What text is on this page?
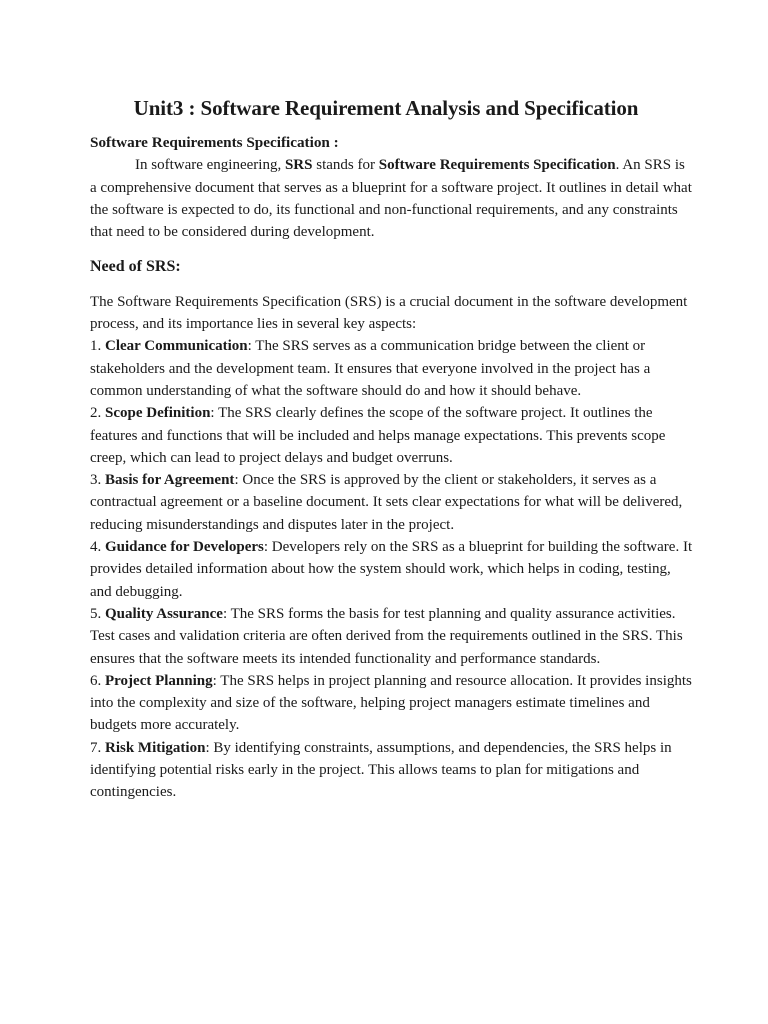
Unit3 : Software Requirement Analysis and Specification
Software Requirements Specification :

In software engineering, SRS stands for Software Requirements Specification. An SRS is a comprehensive document that serves as a blueprint for a software project. It outlines in detail what the software is expected to do, its functional and non-functional requirements, and any constraints that need to be considered during development.

Need of SRS:

The Software Requirements Specification (SRS) is a crucial document in the software development process, and its importance lies in several key aspects:

1. Clear Communication: The SRS serves as a communication bridge between the client or stakeholders and the development team. It ensures that everyone involved in the project has a common understanding of what the software should do and how it should behave.

2. Scope Definition: The SRS clearly defines the scope of the software project. It outlines the features and functions that will be included and helps manage expectations. This prevents scope creep, which can lead to project delays and budget overruns.

3. Basis for Agreement: Once the SRS is approved by the client or stakeholders, it serves as a contractual agreement or a baseline document. It sets clear expectations for what will be delivered, reducing misunderstandings and disputes later in the project.

4. Guidance for Developers: Developers rely on the SRS as a blueprint for building the software. It provides detailed information about how the system should work, which helps in coding, testing, and debugging.

5. Quality Assurance: The SRS forms the basis for test planning and quality assurance activities. Test cases and validation criteria are often derived from the requirements outlined in the SRS. This ensures that the software meets its intended functionality and performance standards.

6. Project Planning: The SRS helps in project planning and resource allocation. It provides insights into the complexity and size of the software, helping project managers estimate timelines and budgets more accurately.

7. Risk Mitigation: By identifying constraints, assumptions, and dependencies, the SRS helps in identifying potential risks early in the project. This allows teams to plan for mitigations and contingencies.
